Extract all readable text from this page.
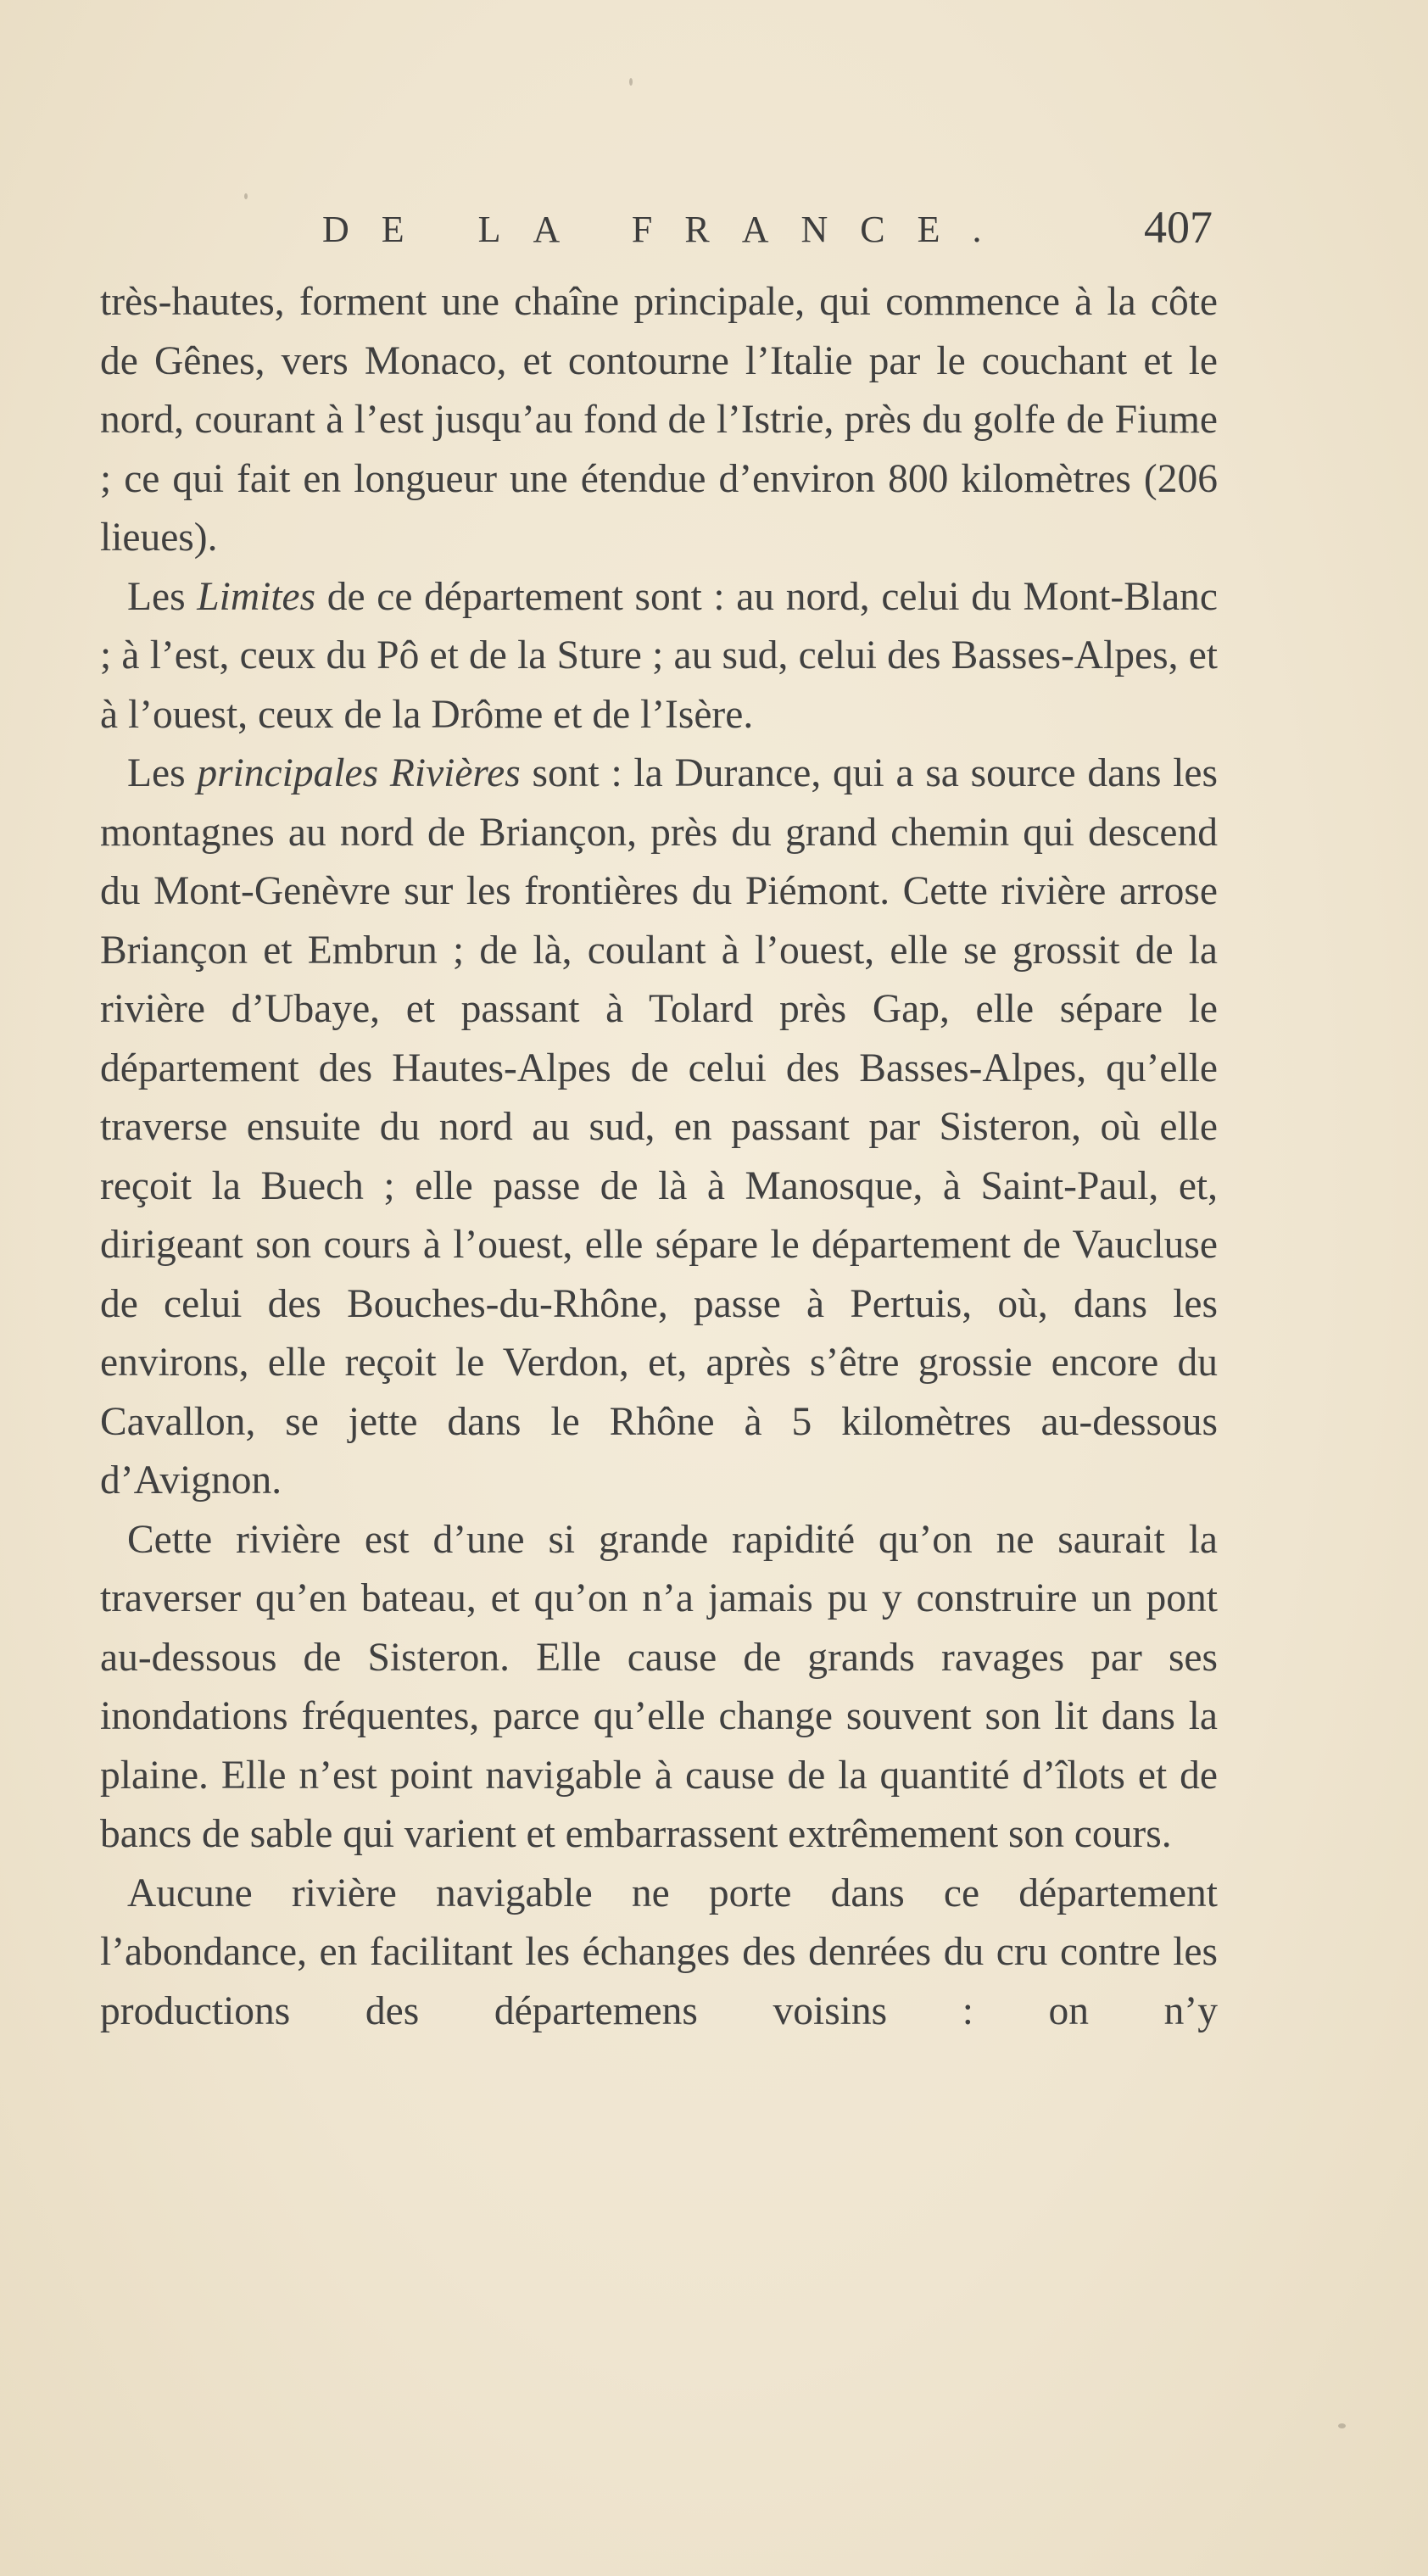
DE LA FRANCE.	407

très-hautes, forment une chaîne principale, qui commence à la côte de Gênes, vers Monaco, et contourne l’Italie par le couchant et le nord, courant à l’est jusqu’au fond de l’Istrie, près du golfe de Fiume ; ce qui fait en longueur une étendue d’environ 800 kilomètres (206 lieues).

Les Limites de ce département sont : au nord, celui du Mont-Blanc ; à l’est, ceux du Pô et de la Sture ; au sud, celui des Basses-Alpes, et à l’ouest, ceux de la Drôme et de l’Isère.

Les principales Rivières sont : la Durance, qui a sa source dans les montagnes au nord de Briançon, près du grand chemin qui descend du Mont-Genèvre sur les frontières du Piémont. Cette rivière arrose Briançon et Embrun ; de là, coulant à l’ouest, elle se grossit de la rivière d’Ubaye, et passant à Tolard près Gap, elle sépare le département des Hautes-Alpes de celui des Basses-Alpes, qu’elle traverse ensuite du nord au sud, en passant par Sisteron, où elle reçoit la Buech ; elle passe de là à Manosque, à Saint-Paul, et, dirigeant son cours à l’ouest, elle sépare le département de Vaucluse de celui des Bouches-du-Rhône, passe à Pertuis, où, dans les environs, elle reçoit le Verdon, et, après s’être grossie encore du Cavallon, se jette dans le Rhône à 5 kilomètres au-dessous d’Avignon.

Cette rivière est d’une si grande rapidité qu’on ne saurait la traverser qu’en bateau, et qu’on n’a jamais pu y construire un pont au-dessous de Sisteron. Elle cause de grands ravages par ses inondations fréquentes, parce qu’elle change souvent son lit dans la plaine. Elle n’est point navigable à cause de la quantité d’îlots et de bancs de sable qui varient et embarrassent extrêmement son cours.

Aucune rivière navigable ne porte dans ce département l’abondance, en facilitant les échanges des denrées du cru contre les productions des départemens voisins : on n’y
